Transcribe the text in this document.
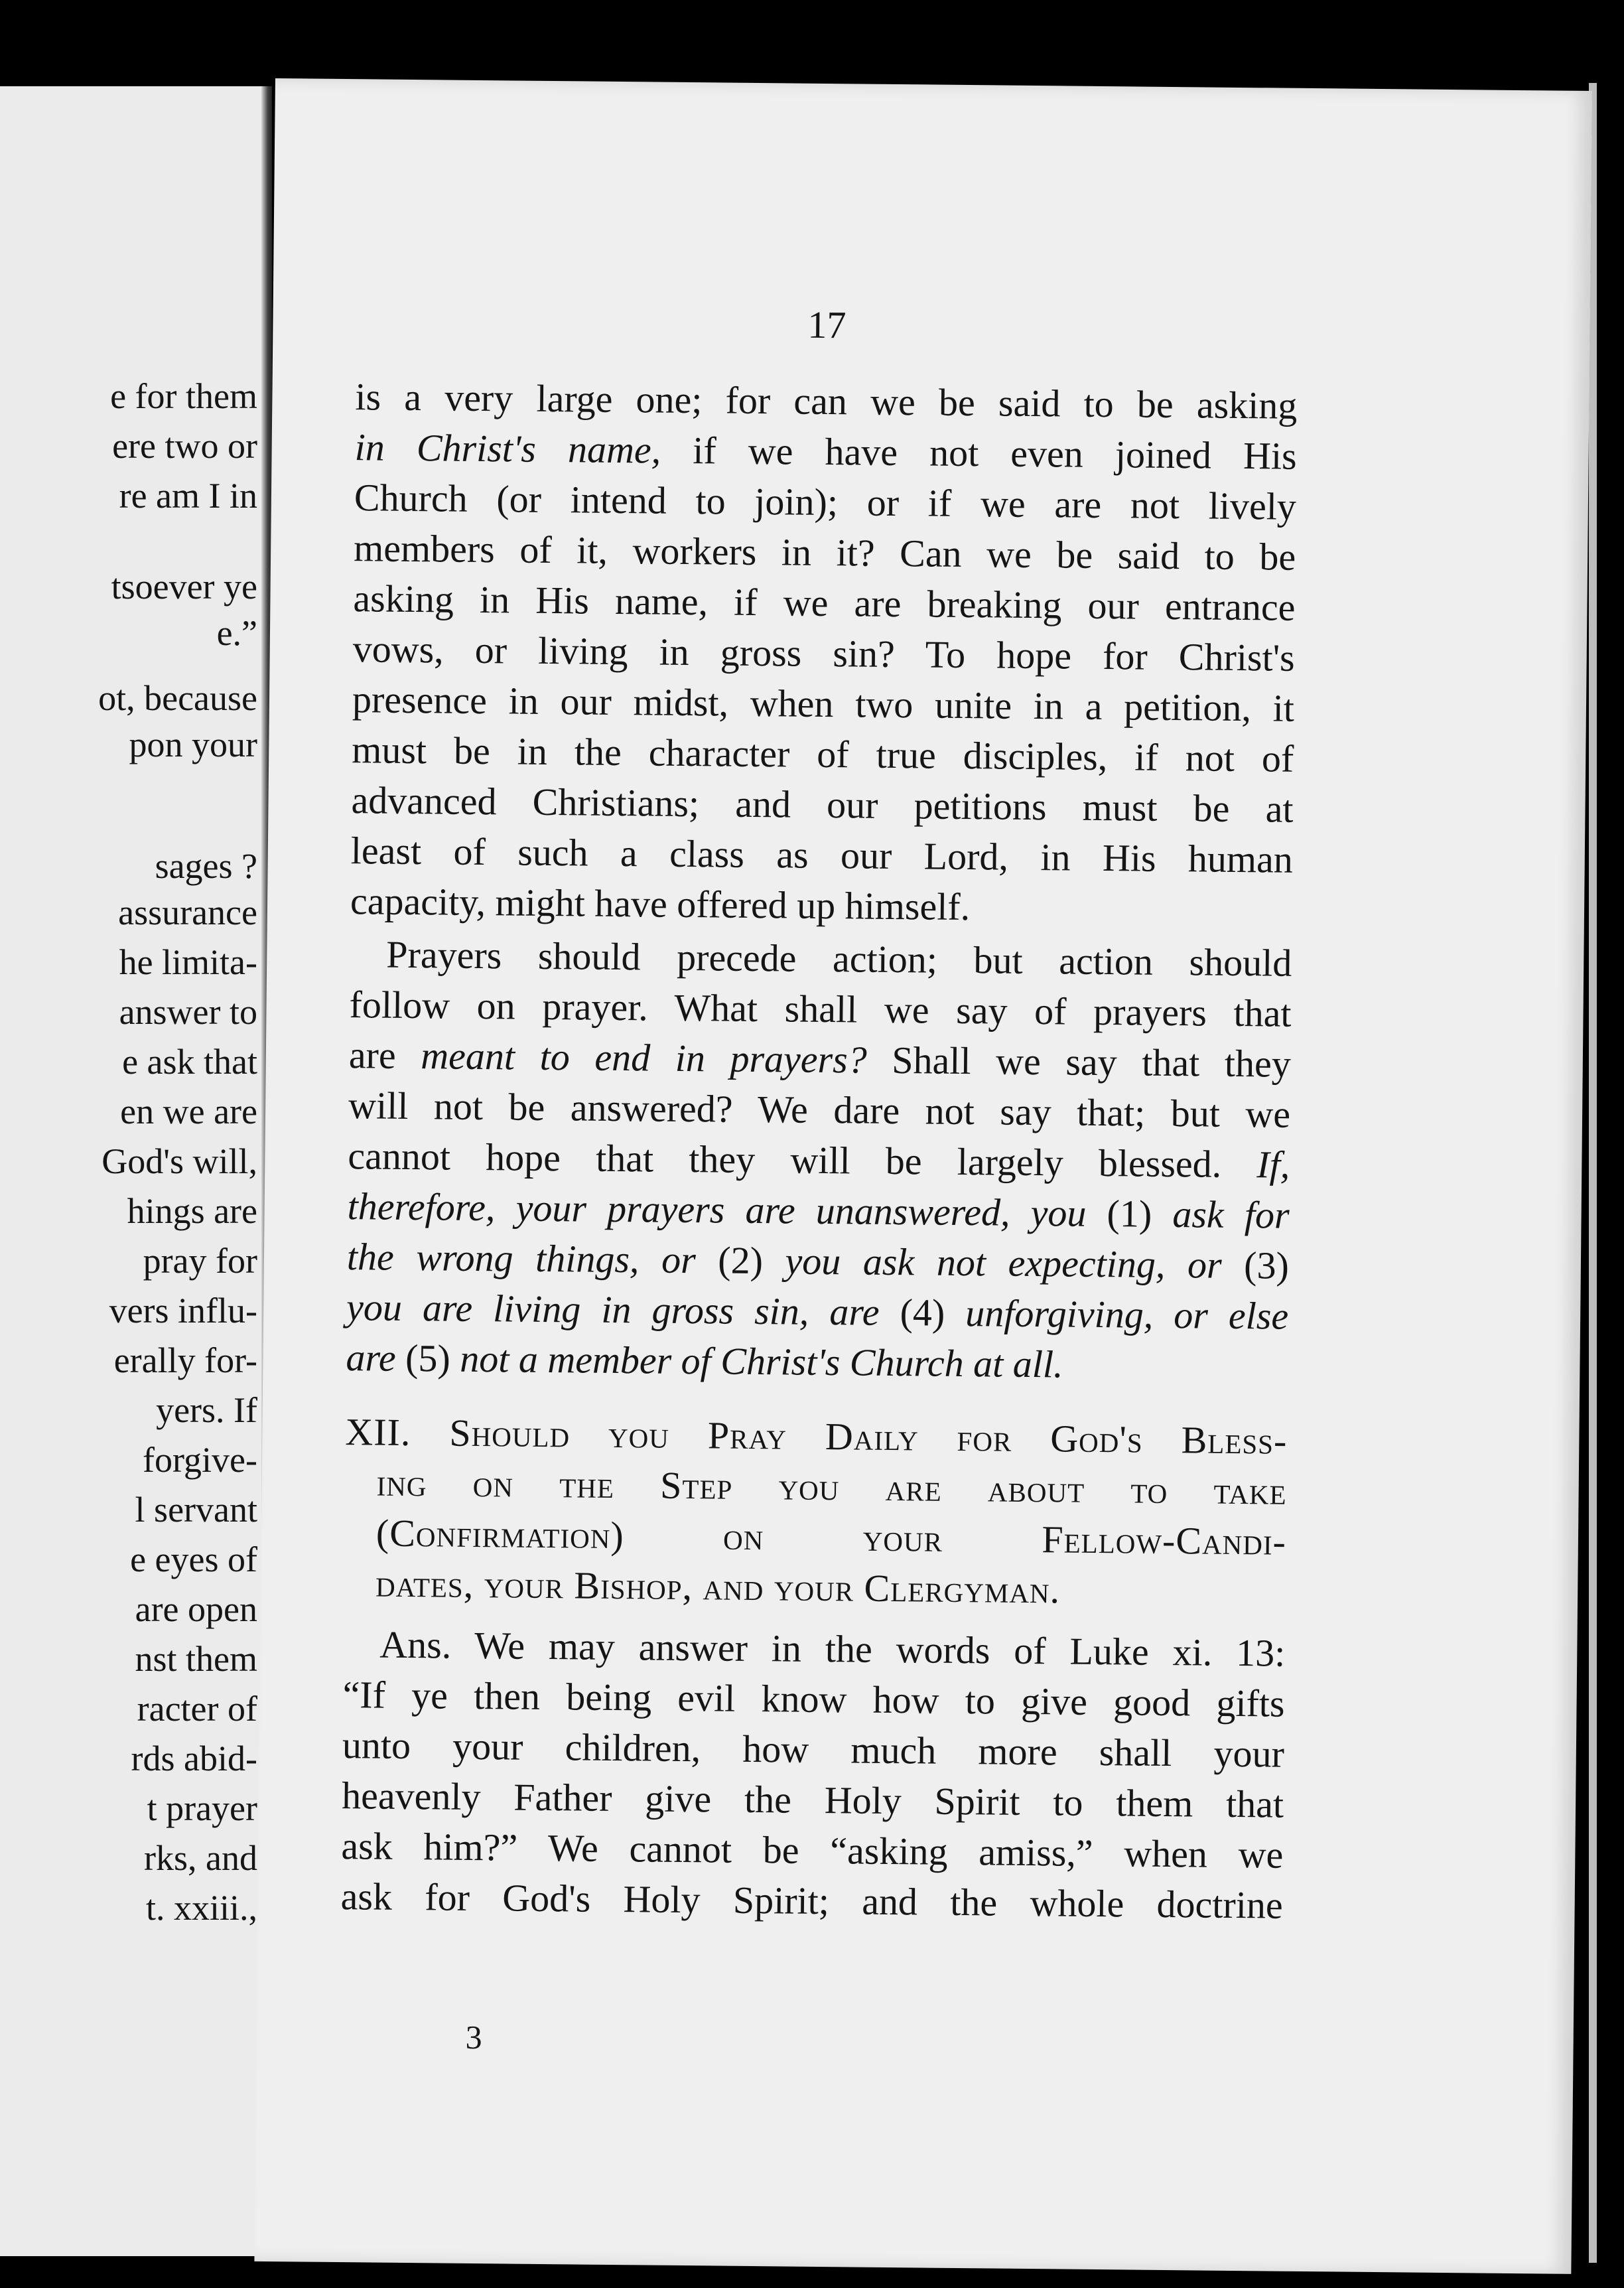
e for them
ere two or
re am I in
tsoever ye
e.”
ot, because
pon your
sages ?
assurance
he limita-
answer to
e ask that
en we are
God's will,
hings are
pray for
vers influ-
erally for-
yers. If
forgive-
l servant
e eyes of
are open
nst them
racter of
rds abid-
t prayer
rks, and
t. xxiii.,
17
is a very large one; for can we be said to be asking
in Christ's name, if we have not even joined His
Church (or intend to join); or if we are not lively
members of it, workers in it? Can we be said to be
asking in His name, if we are breaking our entrance
vows, or living in gross sin? To hope for Christ's
presence in our midst, when two unite in a petition, it
must be in the character of true disciples, if not of
advanced Christians; and our petitions must be at
least of such a class as our Lord, in His human
capacity, might have offered up himself.
Prayers should precede action; but action should
follow on prayer. What shall we say of prayers that
are meant to end in prayers? Shall we say that they
will not be answered? We dare not say that; but we
cannot hope that they will be largely blessed. If,
therefore, your prayers are unanswered, you (1) ask for
the wrong things, or (2) you ask not expecting, or (3)
you are living in gross sin, are (4) unforgiving, or else
are (5) not a member of Christ's Church at all.
XII. Should you Pray Daily for God's Bless-
ing on the Step you are about to take
(Confirmation) on your Fellow-Candi-
dates, your Bishop, and your Clergyman.
Ans. We may answer in the words of Luke xi. 13:
“If ye then being evil know how to give good gifts
unto your children, how much more shall your
heavenly Father give the Holy Spirit to them that
ask him?” We cannot be “asking amiss,” when we
ask for God's Holy Spirit; and the whole doctrine
3
